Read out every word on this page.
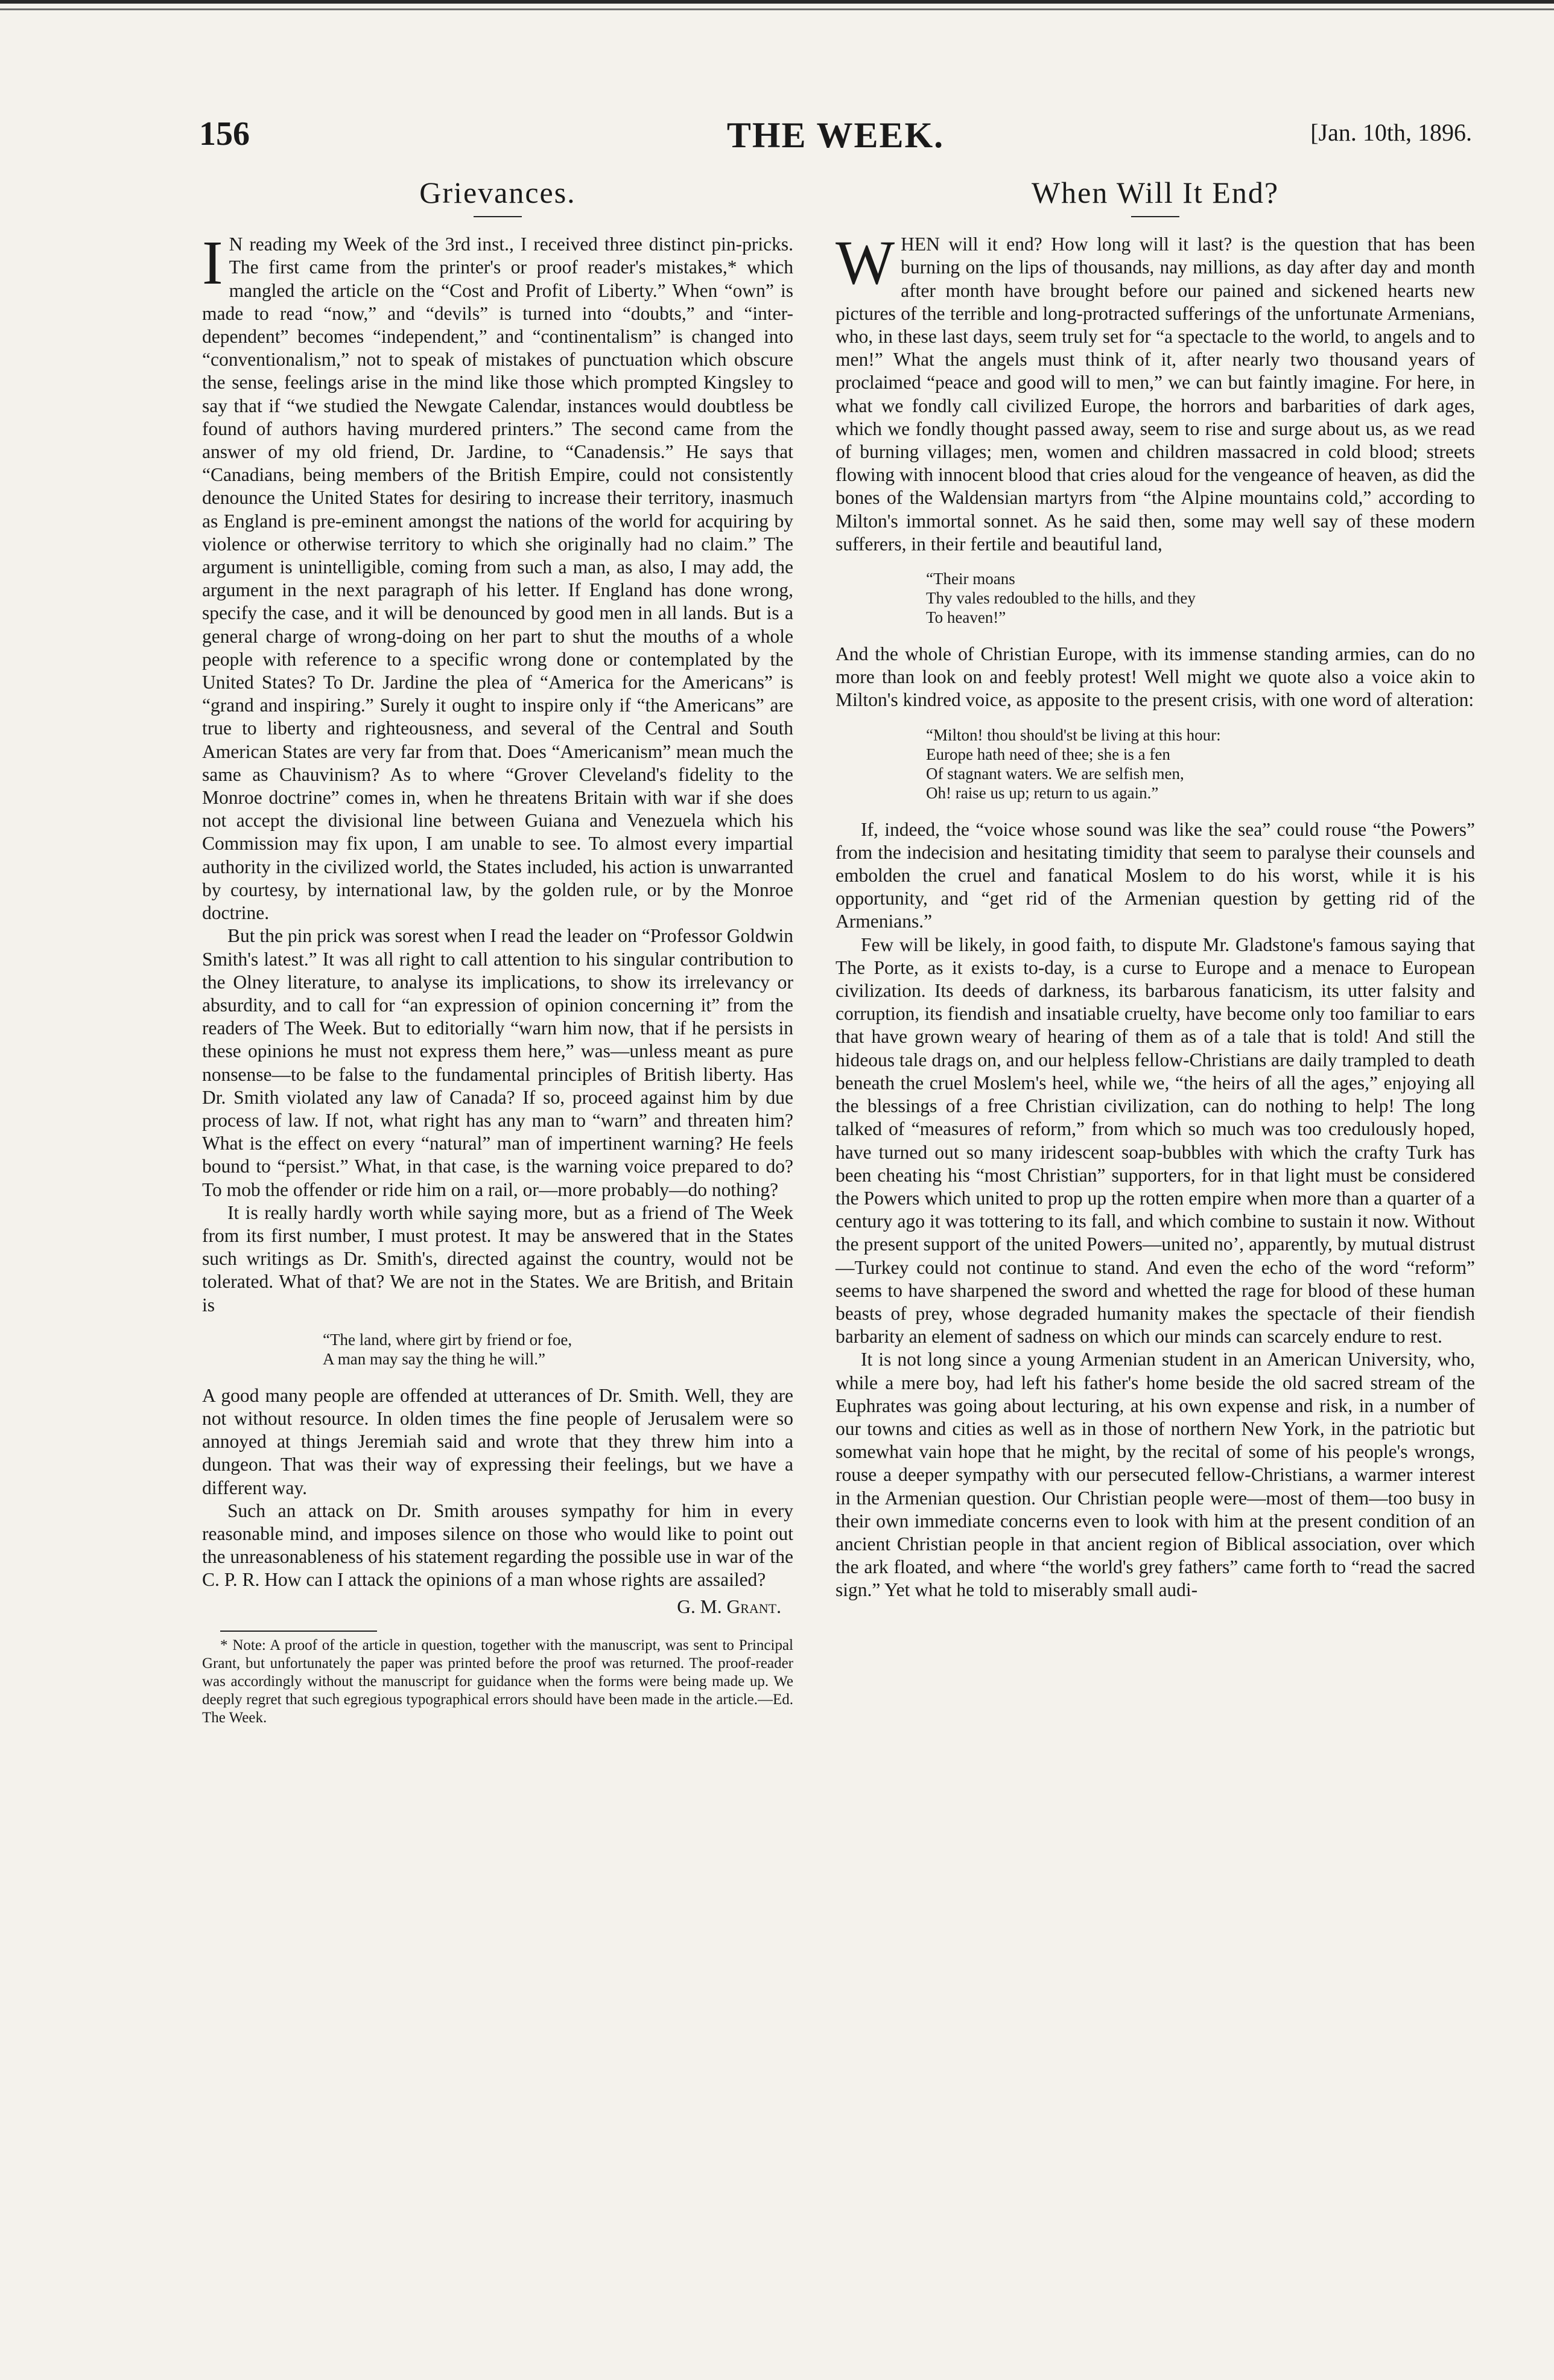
156	THE WEEK.	[Jan. 10th, 1896.
Grievances.

I N reading my Week of the 3rd inst., I received three distinct pin-pricks. The first came from the printer's or proof reader's mistakes,* which mangled the article on the “Cost and Profit of Liberty.” When “own” is made to read “now,” and “devils” is turned into “doubts,” and “inter-dependent” becomes “independent,” and “continentalism” is changed into “conventionalism,” not to speak of mistakes of punctuation which obscure the sense, feelings arise in the mind like those which prompted Kingsley to say that if “we studied the Newgate Calendar, instances would doubtless be found of authors having murdered printers.” The second came from the answer of my old friend, Dr. Jardine, to “Canadensis.” He says that “Canadians, being members of the British Empire, could not consistently denounce the United States for desiring to increase their territory, inasmuch as England is pre-eminent amongst the nations of the world for acquiring by violence or otherwise territory to which she originally had no claim.” The argument is unintelligible, coming from such a man, as also, I may add, the argument in the next paragraph of his letter. If England has done wrong, specify the case, and it will be denounced by good men in all lands. But is a general charge of wrong-doing on her part to shut the mouths of a whole people with reference to a specific wrong done or contemplated by the United States? To Dr. Jardine the plea of “America for the Americans” is “grand and inspiring.” Surely it ought to inspire only if “the Americans” are true to liberty and righteousness, and several of the Central and South American States are very far from that. Does “Americanism” mean much the same as Chauvinism? As to where “Grover Cleveland's fidelity to the Monroe doctrine” comes in, when he threatens Britain with war if she does not accept the divisional line between Guiana and Venezuela which his Commission may fix upon, I am unable to see. To almost every impartial authority in the civilized world, the States included, his action is unwarranted by courtesy, by international law, by the golden rule, or by the Monroe doctrine.

But the pin prick was sorest when I read the leader on “Professor Goldwin Smith's latest.” It was all right to call attention to his singular contribution to the Olney literature, to analyse its implications, to show its irrelevancy or absurdity, and to call for “an expression of opinion concerning it” from the readers of The Week. But to editorially “warn him now, that if he persists in these opinions he must not express them here,” was—unless meant as pure nonsense—to be false to the fundamental principles of British liberty. Has Dr. Smith violated any law of Canada? If so, proceed against him by due process of law. If not, what right has any man to “warn” and threaten him? What is the effect on every “natural” man of impertinent warning? He feels bound to “persist.” What, in that case, is the warning voice prepared to do? To mob the offender or ride him on a rail, or—more probably—do nothing?

It is really hardly worth while saying more, but as a friend of The Week from its first number, I must protest. It may be answered that in the States such writings as Dr. Smith's, directed against the country, would not be tolerated. What of that? We are not in the States. We are British, and Britain is

“The land, where girt by friend or foe,
A man may say the thing he will.”

A good many people are offended at utterances of Dr. Smith. Well, they are not without resource. In olden times the fine people of Jerusalem were so annoyed at things Jeremiah said and wrote that they threw him into a dungeon. That was their way of expressing their feelings, but we have a different way.

Such an attack on Dr. Smith arouses sympathy for him in every reasonable mind, and imposes silence on those who would like to point out the unreasonableness of his statement regarding the possible use in war of the C. P. R. How can I attack the opinions of a man whose rights are assailed?

G. M. Grant.
* Note: A proof of the article in question, together with the manuscript, was sent to Principal Grant, but unfortunately the paper was printed before the proof was returned. The proof-reader was accordingly without the manuscript for guidance when the forms were being made up. We deeply regret that such egregious typographical errors should have been made in the article.—Ed. The Week.
When Will It End?

WHEN will it end? How long will it last? is the question that has been burning on the lips of thousands, nay millions, as day after day and month after month have brought before our pained and sickened hearts new pictures of the terrible and long-protracted sufferings of the unfortunate Armenians, who, in these last days, seem truly set for “a spectacle to the world, to angels and to men!” What the angels must think of it, after nearly two thousand years of proclaimed “peace and good will to men,” we can but faintly imagine. For here, in what we fondly call civilized Europe, the horrors and barbarities of dark ages, which we fondly thought passed away, seem to rise and surge about us, as we read of burning villages; men, women and children massacred in cold blood; streets flowing with innocent blood that cries aloud for the vengeance of heaven, as did the bones of the Waldensian martyrs from “the Alpine mountains cold,” according to Milton's immortal sonnet. As he said then, some may well say of these modern sufferers, in their fertile and beautiful land,

“Their moans
Thy vales redoubled to the hills, and they
To heaven!”

And the whole of Christian Europe, with its immense standing armies, can do no more than look on and feebly protest! Well might we quote also a voice akin to Milton's kindred voice, as apposite to the present crisis, with one word of alteration:

“Milton! thou should'st be living at this hour:
Europe hath need of thee; she is a fen
Of stagnant waters. We are selfish men,
Oh! raise us up; return to us again.”

If, indeed, the “voice whose sound was like the sea” could rouse “the Powers” from the indecision and hesitating timidity that seem to paralyse their counsels and embolden the cruel and fanatical Moslem to do his worst, while it is his opportunity, and “get rid of the Armenian question by getting rid of the Armenians.”

Few will be likely, in good faith, to dispute Mr. Gladstone's famous saying that The Porte, as it exists to-day, is a curse to Europe and a menace to European civilization. Its deeds of darkness, its barbarous fanaticism, its utter falsity and corruption, its fiendish and insatiable cruelty, have become only too familiar to ears that have grown weary of hearing of them as of a tale that is told! And still the hideous tale drags on, and our helpless fellow-Christians are daily trampled to death beneath the cruel Moslem's heel, while we, “the heirs of all the ages,” enjoying all the blessings of a free Christian civilization, can do nothing to help! The long talked of “measures of reform,” from which so much was too credulously hoped, have turned out so many iridescent soap-bubbles with which the crafty Turk has been cheating his “most Christian” supporters, for in that light must be considered the Powers which united to prop up the rotten empire when more than a quarter of a century ago it was tottering to its fall, and which combine to sustain it now. Without the present support of the united Powers—united no’, apparently, by mutual distrust—Turkey could not continue to stand. And even the echo of the word “reform” seems to have sharpened the sword and whetted the rage for blood of these human beasts of prey, whose degraded humanity makes the spectacle of their fiendish barbarity an element of sadness on which our minds can scarcely endure to rest.

It is not long since a young Armenian student in an American University, who, while a mere boy, had left his father's home beside the old sacred stream of the Euphrates was going about lecturing, at his own expense and risk, in a number of our towns and cities as well as in those of northern New York, in the patriotic but somewhat vain hope that he might, by the recital of some of his people's wrongs, rouse a deeper sympathy with our persecuted fellow-Christians, a warmer interest in the Armenian question. Our Christian people were—most of them—too busy in their own immediate concerns even to look with him at the present condition of an ancient Christian people in that ancient region of Biblical association, over which the ark floated, and where “the world's grey fathers” came forth to “read the sacred sign.” Yet what he told to miserably small audi-
